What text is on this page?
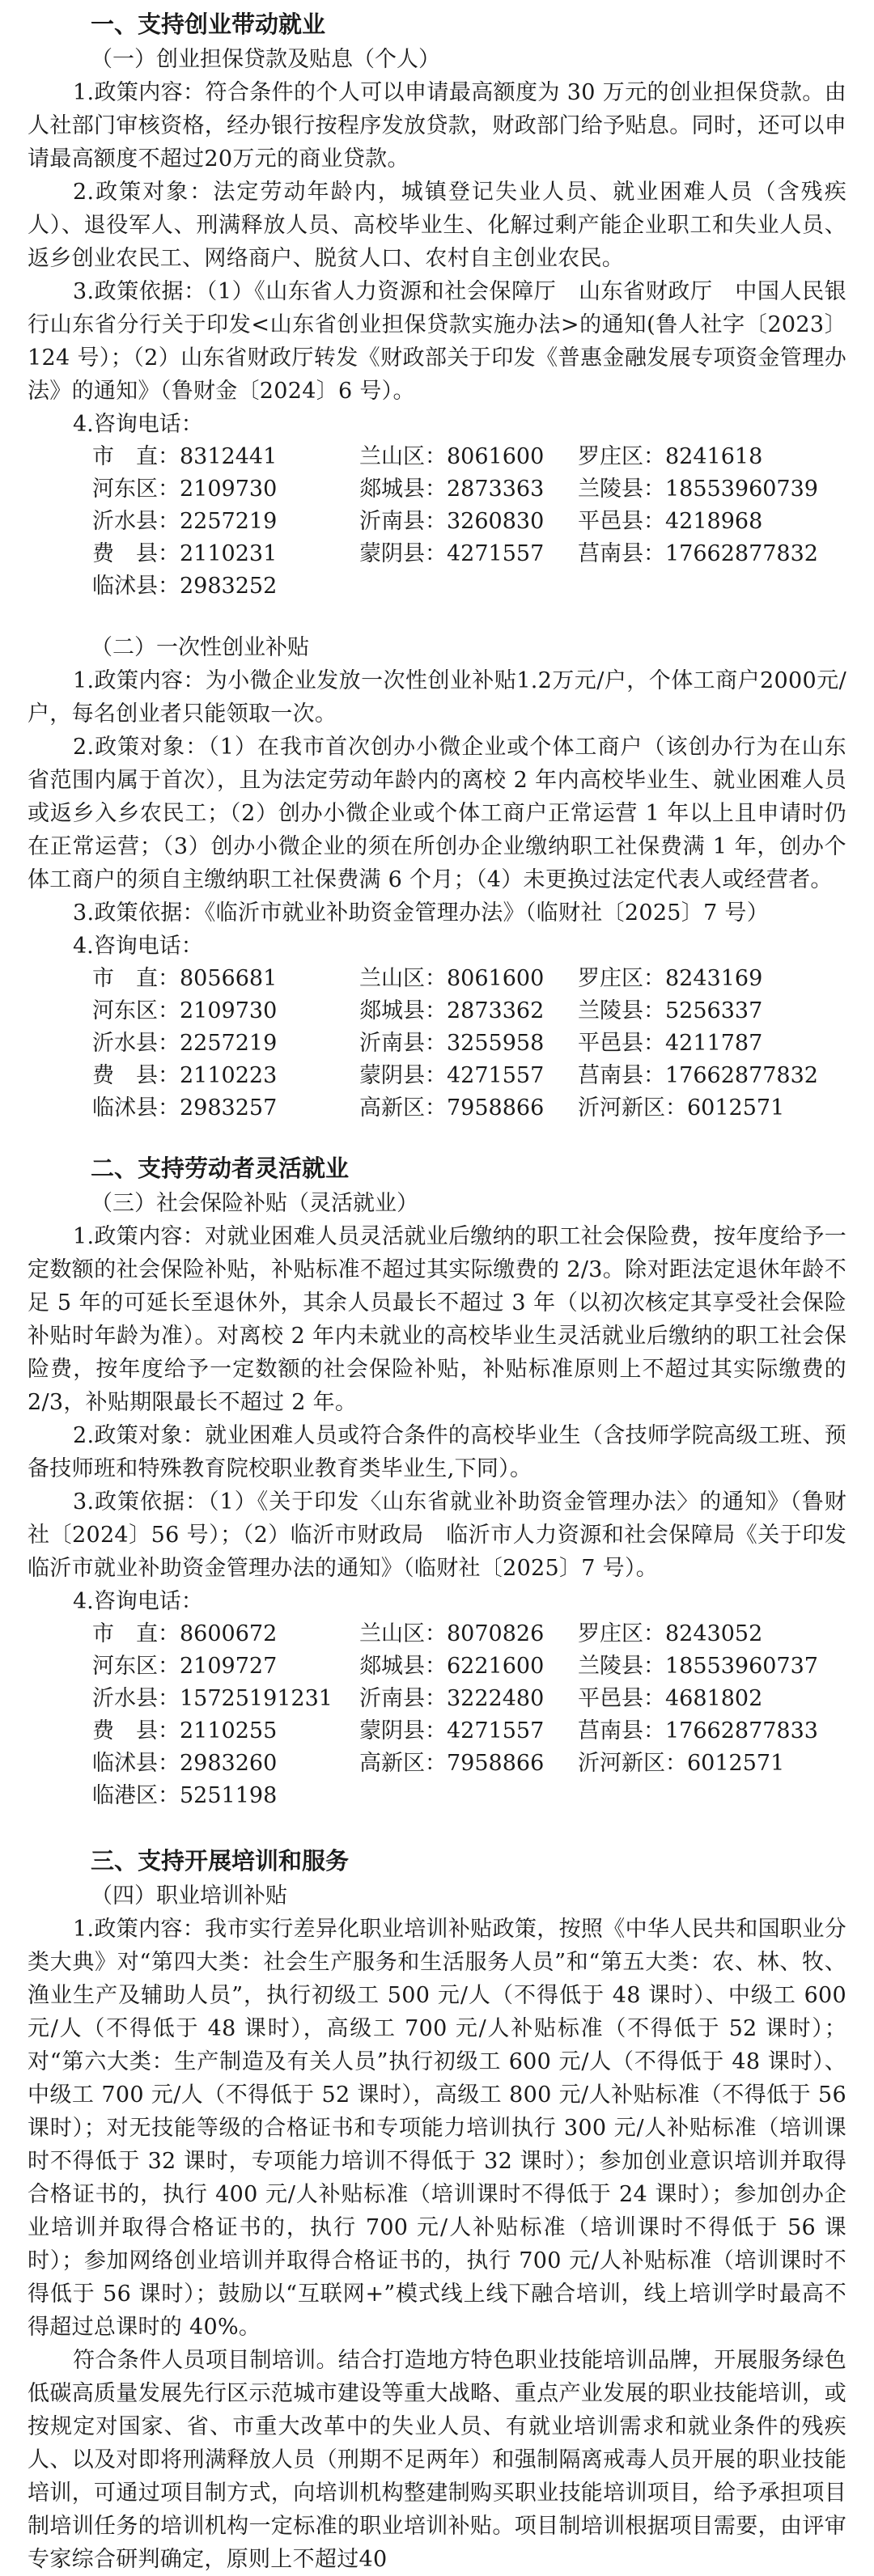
一、支持创业带动就业
（一）创业担保贷款及贴息（个人）

1.政策内容：符合条件的个人可以申请最高额度为 30 万元的创业担保贷款。由人社部门审核资格，经办银行按程序发放贷款，财政部门给予贴息。同时，还可以申请最高额度不超过20万元的商业贷款。

2.政策对象：法定劳动年龄内，城镇登记失业人员、就业困难人员（含残疾人）、退役军人、刑满释放人员、高校毕业生、化解过剩产能企业职工和失业人员、返乡创业农民工、网络商户、脱贫人口、农村自主创业农民。

3.政策依据：（1）《山东省人力资源和社会保障厅　山东省财政厅　中国人民银行山东省分行关于印发<山东省创业担保贷款实施办法>的通知(鲁人社字〔2023〕124 号）；（2）山东省财政厅转发《财政部关于印发《普惠金融发展专项资金管理办法》的通知》（鲁财金〔2024〕6 号）。

4.咨询电话：
市　直：8312441	兰山区：8061600	罗庄区：8241618
河东区：2109730	郯城县：2873363	兰陵县：18553960739
沂水县：2257219	沂南县：3260830	平邑县：4218968
费　县：2110231	蒙阴县：4271557	莒南县：17662877832
临沭县：2983252
（二）一次性创业补贴

1.政策内容：为小微企业发放一次性创业补贴1.2万元/户，个体工商户2000元/户，每名创业者只能领取一次。

2.政策对象：（1）在我市首次创办小微企业或个体工商户（该创办行为在山东省范围内属于首次），且为法定劳动年龄内的离校 2 年内高校毕业生、就业困难人员或返乡入乡农民工；（2）创办小微企业或个体工商户正常运营 1 年以上且申请时仍在正常运营；（3）创办小微企业的须在所创办企业缴纳职工社保费满 1 年，创办个体工商户的须自主缴纳职工社保费满 6 个月；（4）未更换过法定代表人或经营者。

3.政策依据：《临沂市就业补助资金管理办法》（临财社〔2025〕7 号）

4.咨询电话：
市　直：8056681	兰山区：8061600	罗庄区：8243169
河东区：2109730	郯城县：2873362	兰陵县：5256337
沂水县：2257219	沂南县：3255958	平邑县：4211787
费　县：2110223	蒙阴县：4271557	莒南县：17662877832
临沭县：2983257	高新区：7958866	沂河新区：6012571
二、支持劳动者灵活就业
（三）社会保险补贴（灵活就业）

1.政策内容：对就业困难人员灵活就业后缴纳的职工社会保险费，按年度给予一定数额的社会保险补贴，补贴标准不超过其实际缴费的 2/3。除对距法定退休年龄不足 5 年的可延长至退休外，其余人员最长不超过 3 年（以初次核定其享受社会保险补贴时年龄为准）。对离校 2 年内未就业的高校毕业生灵活就业后缴纳的职工社会保险费，按年度给予一定数额的社会保险补贴，补贴标准原则上不超过其实际缴费的 2/3，补贴期限最长不超过 2 年。

2.政策对象：就业困难人员或符合条件的高校毕业生（含技师学院高级工班、预备技师班和特殊教育院校职业教育类毕业生,下同）。

3.政策依据：（1）《关于印发〈山东省就业补助资金管理办法〉的通知》（鲁财社〔2024〕56 号）；（2）临沂市财政局　临沂市人力资源和社会保障局《关于印发临沂市就业补助资金管理办法的通知》（临财社〔2025〕7 号）。

4.咨询电话：
市　直：8600672	兰山区：8070826	罗庄区：8243052
河东区：2109727	郯城县：6221600	兰陵县：18553960737
沂水县：15725191231	沂南县：3222480	平邑县：4681802
费　县：2110255	蒙阴县：4271557	莒南县：17662877833
临沭县：2983260	高新区：7958866	沂河新区：6012571
临港区：5251198
三、支持开展培训和服务
（四）职业培训补贴

1.政策内容：我市实行差异化职业培训补贴政策，按照《中华人民共和国职业分类大典》对“第四大类：社会生产服务和生活服务人员”和“第五大类：农、林、牧、渔业生产及辅助人员”，执行初级工 500 元/人（不得低于 48 课时）、中级工 600 元/人（不得低于 48 课时），高级工 700 元/人补贴标准（不得低于 52 课时）；对“第六大类：生产制造及有关人员”执行初级工 600 元/人（不得低于 48 课时）、中级工 700 元/人（不得低于 52 课时），高级工 800 元/人补贴标准（不得低于 56 课时）；对无技能等级的合格证书和专项能力培训执行 300 元/人补贴标准（培训课时不得低于 32 课时，专项能力培训不得低于 32 课时）；参加创业意识培训并取得合格证书的，执行 400 元/人补贴标准（培训课时不得低于 24 课时）；参加创办企业培训并取得合格证书的，执行 700 元/人补贴标准（培训课时不得低于 56 课时）；参加网络创业培训并取得合格证书的，执行 700 元/人补贴标准（培训课时不得低于 56 课时）；鼓励以“互联网+”模式线上线下融合培训，线上培训学时最高不得超过总课时的 40%。

符合条件人员项目制培训。结合打造地方特色职业技能培训品牌，开展服务绿色低碳高质量发展先行区示范城市建设等重大战略、重点产业发展的职业技能培训，或按规定对国家、省、市重大改革中的失业人员、有就业培训需求和就业条件的残疾人、以及对即将刑满释放人员（刑期不足两年）和强制隔离戒毒人员开展的职业技能培训，可通过项目制方式，向培训机构整建制购买职业技能培训项目，给予承担项目制培训任务的培训机构一定标准的职业培训补贴。项目制培训根据项目需要，由评审专家综合研判确定，原则上不超过40
